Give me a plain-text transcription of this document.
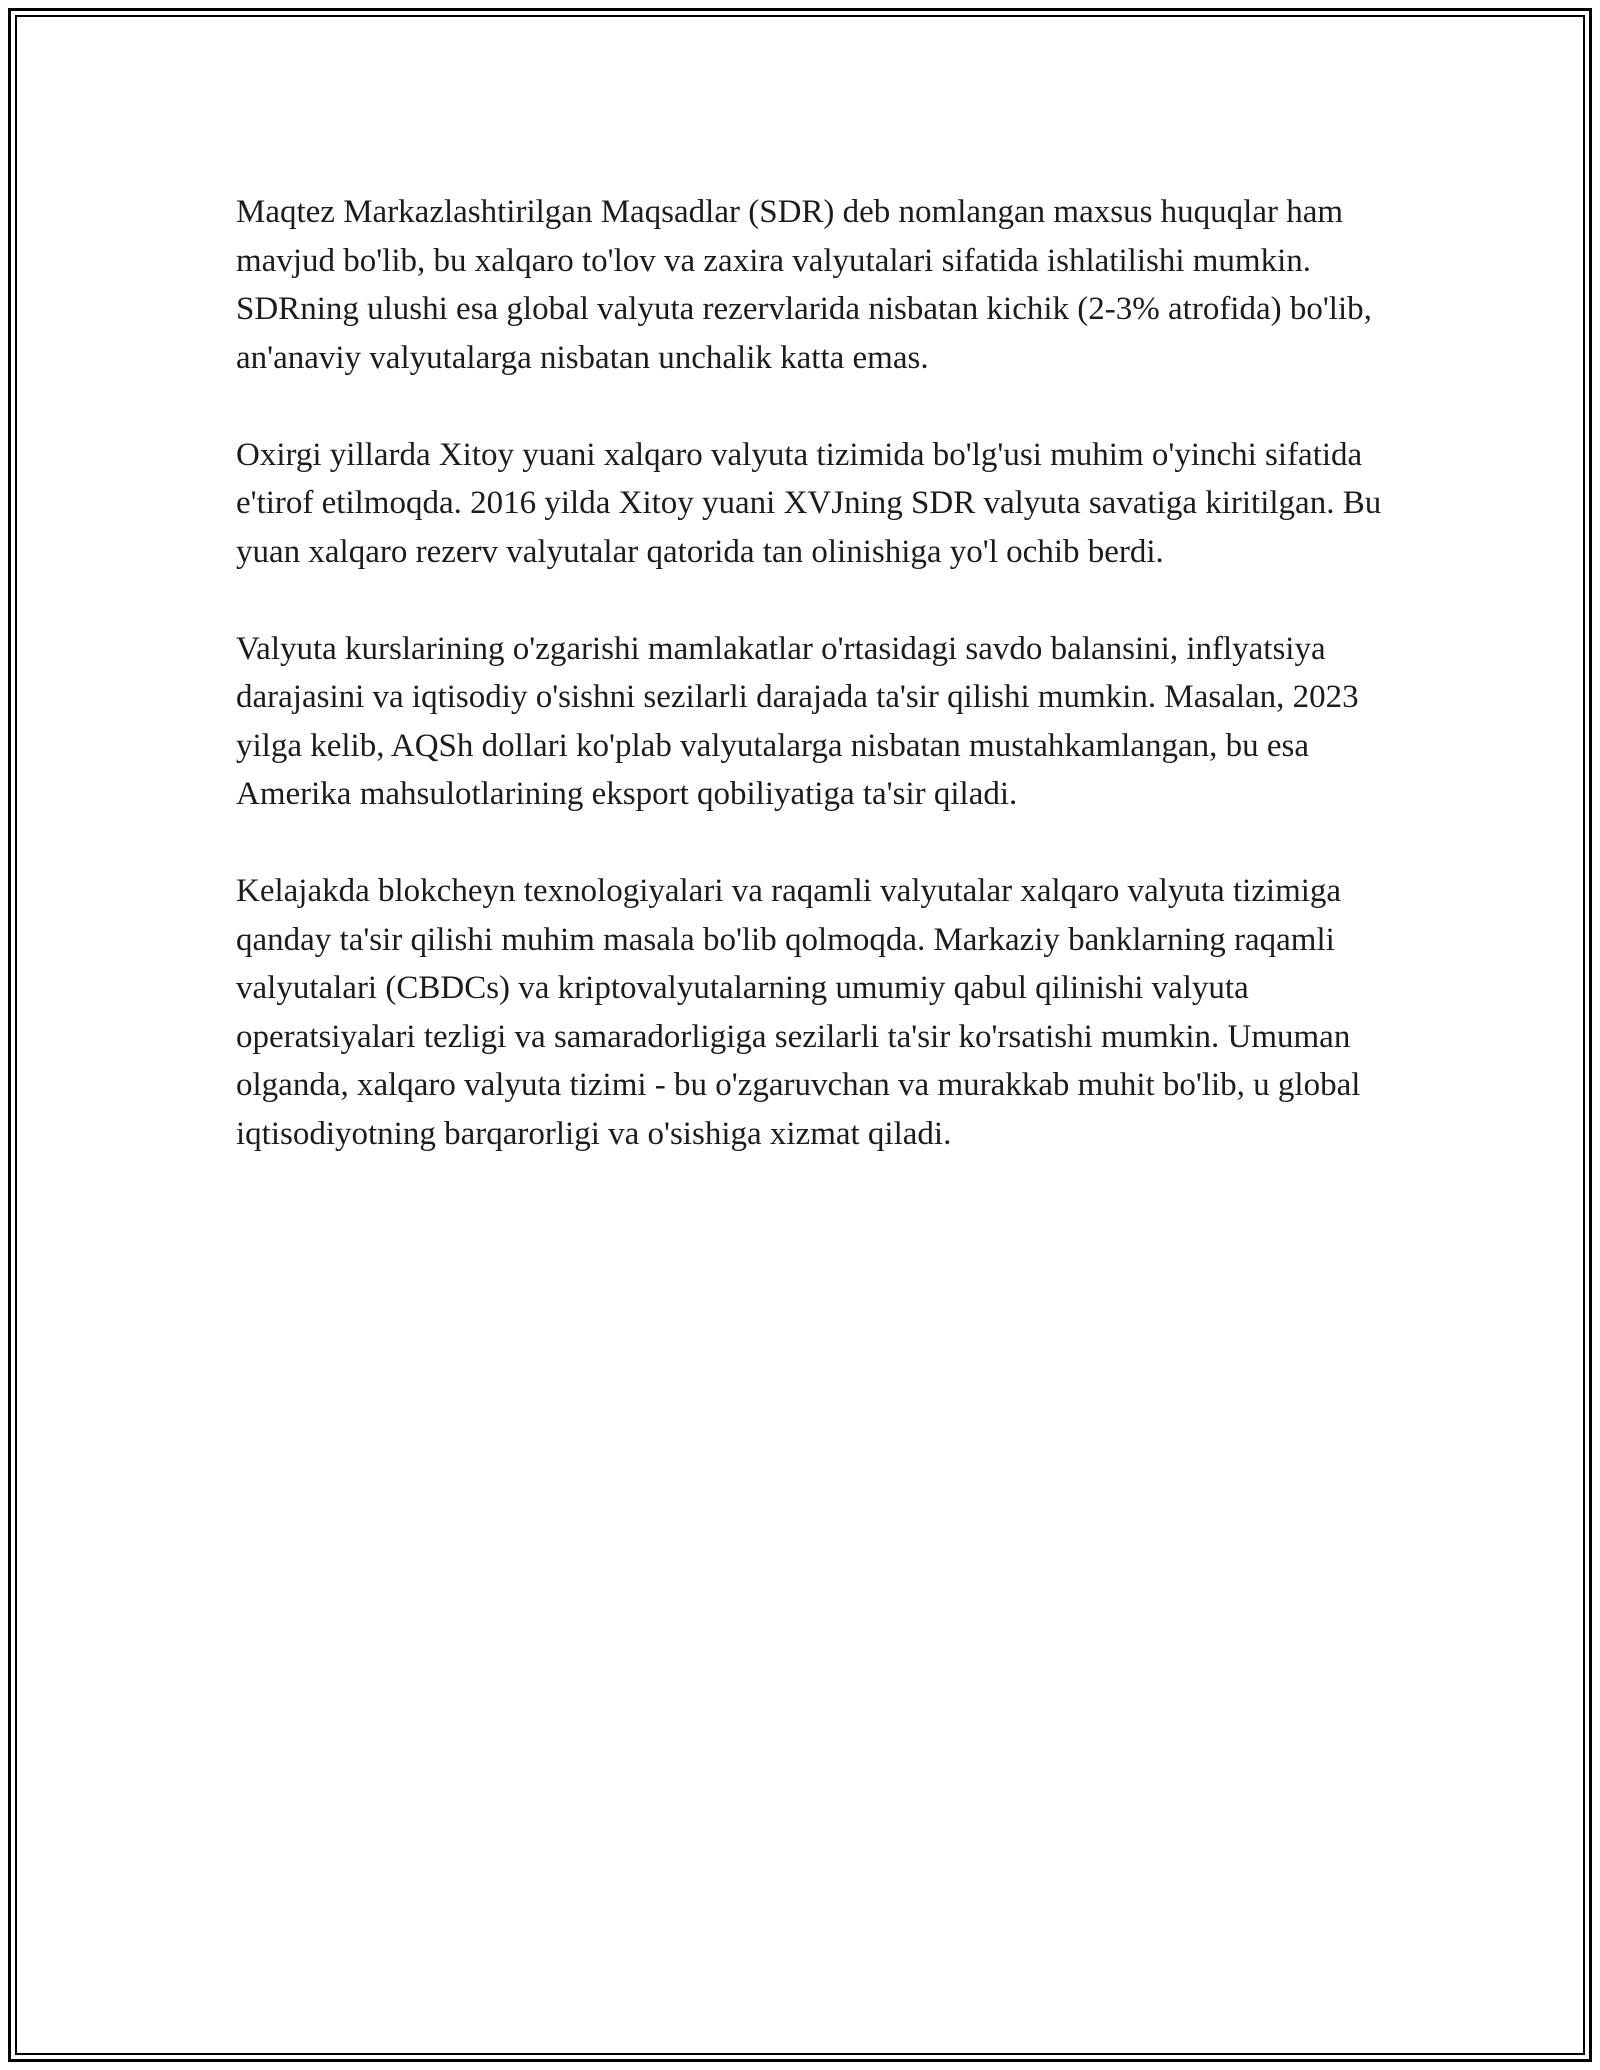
Maqtez Markazlashtirilgan Maqsadlar (SDR) deb nomlangan maxsus huquqlar ham mavjud bo'lib, bu xalqaro to'lov va zaxira valyutalari sifatida ishlatilishi mumkin. SDRning ulushi esa global valyuta rezervlarida nisbatan kichik (2-3% atrofida) bo'lib, an'anaviy valyutalarga nisbatan unchalik katta emas.

Oxirgi yillarda Xitoy yuani xalqaro valyuta tizimida bo'lg'usi muhim o'yinchi sifatida e'tirof etilmoqda. 2016 yilda Xitoy yuani XVJning SDR valyuta savatiga kiritilgan. Bu yuan xalqaro rezerv valyutalar qatorida tan olinishiga yo'l ochib berdi.

Valyuta kurslarining o'zgarishi mamlakatlar o'rtasidagi savdo balansini, inflyatsiya darajasini va iqtisodiy o'sishni sezilarli darajada ta'sir qilishi mumkin. Masalan, 2023 yilga kelib, AQSh dollari ko'plab valyutalarga nisbatan mustahkamlangan, bu esa Amerika mahsulotlarining eksport qobiliyatiga ta'sir qiladi.

Kelajakda blokcheyn texnologiyalari va raqamli valyutalar xalqaro valyuta tizimiga qanday ta'sir qilishi muhim masala bo'lib qolmoqda. Markaziy banklarning raqamli valyutalari (CBDCs) va kriptovalyutalarning umumiy qabul qilinishi valyuta operatsiyalari tezligi va samaradorligiga sezilarli ta'sir ko'rsatishi mumkin. Umuman olganda, xalqaro valyuta tizimi - bu o'zgaruvchan va murakkab muhit bo'lib, u global iqtisodiyotning barqarorligi va o'sishiga xizmat qiladi.
